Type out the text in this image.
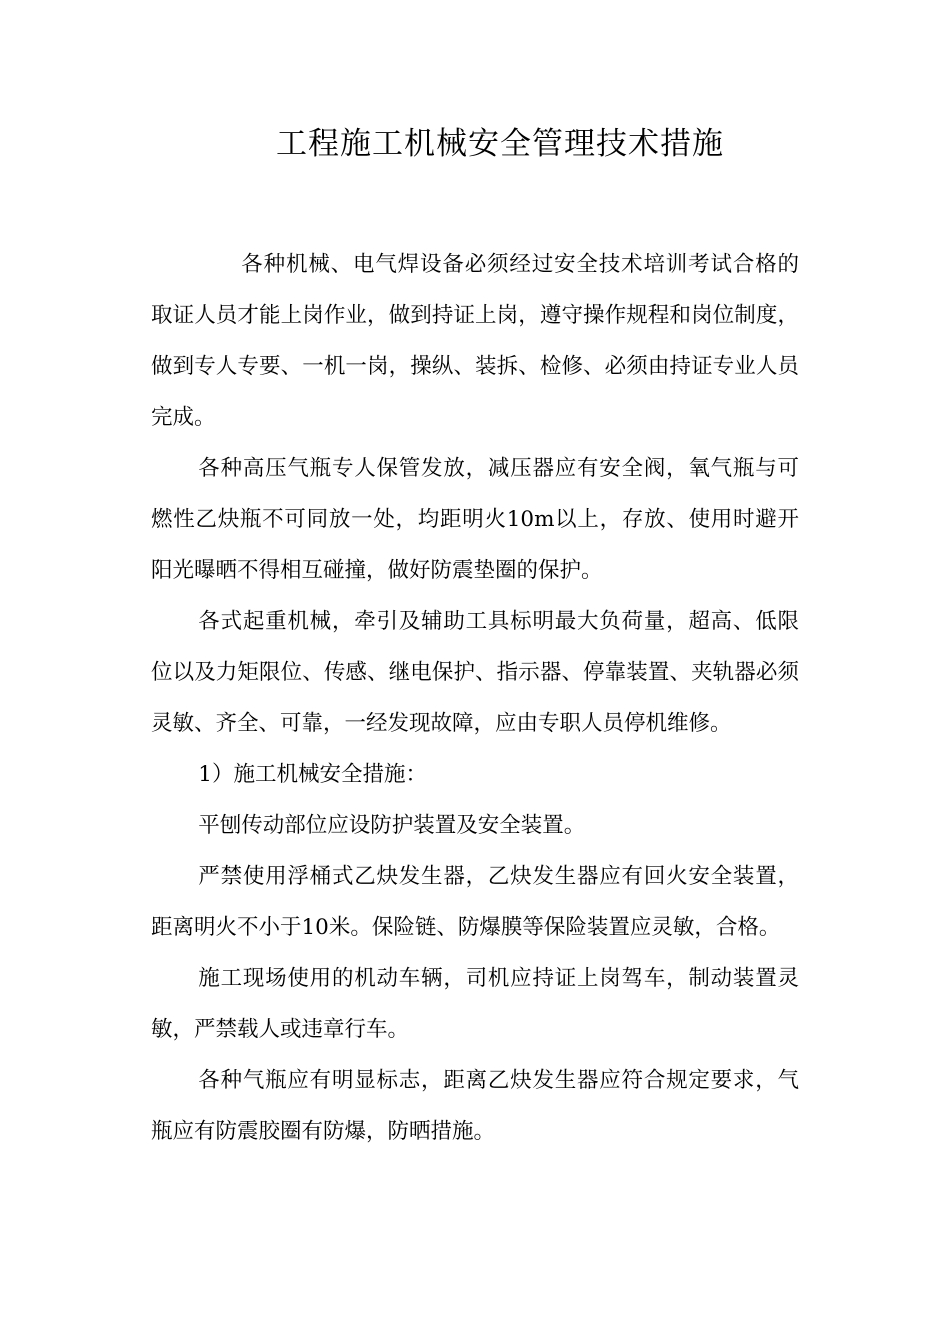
工程施工机械安全管理技术措施

各种机械、电气焊设备必须经过安全技术培训考试合格的取证人员才能上岗作业，做到持证上岗，遵守操作规程和岗位制度，做到专人专要、一机一岗，操纵、装拆、检修、必须由持证专业人员完成。

各种高压气瓶专人保管发放，减压器应有安全阀，氧气瓶与可燃性乙炔瓶不可同放一处，均距明火10m以上，存放、使用时避开阳光曝晒不得相互碰撞，做好防震垫圈的保护。

各式起重机械，牵引及辅助工具标明最大负荷量，超高、低限位以及力矩限位、传感、继电保护、指示器、停靠装置、夹轨器必须灵敏、齐全、可靠，一经发现故障，应由专职人员停机维修。

1）施工机械安全措施：

平刨传动部位应设防护装置及安全装置。

严禁使用浮桶式乙炔发生器，乙炔发生器应有回火安全装置，距离明火不小于10米。保险链、防爆膜等保险装置应灵敏，合格。

施工现场使用的机动车辆，司机应持证上岗驾车，制动装置灵敏，严禁载人或违章行车。

各种气瓶应有明显标志，距离乙炔发生器应符合规定要求，气瓶应有防震胶圈有防爆，防晒措施。
